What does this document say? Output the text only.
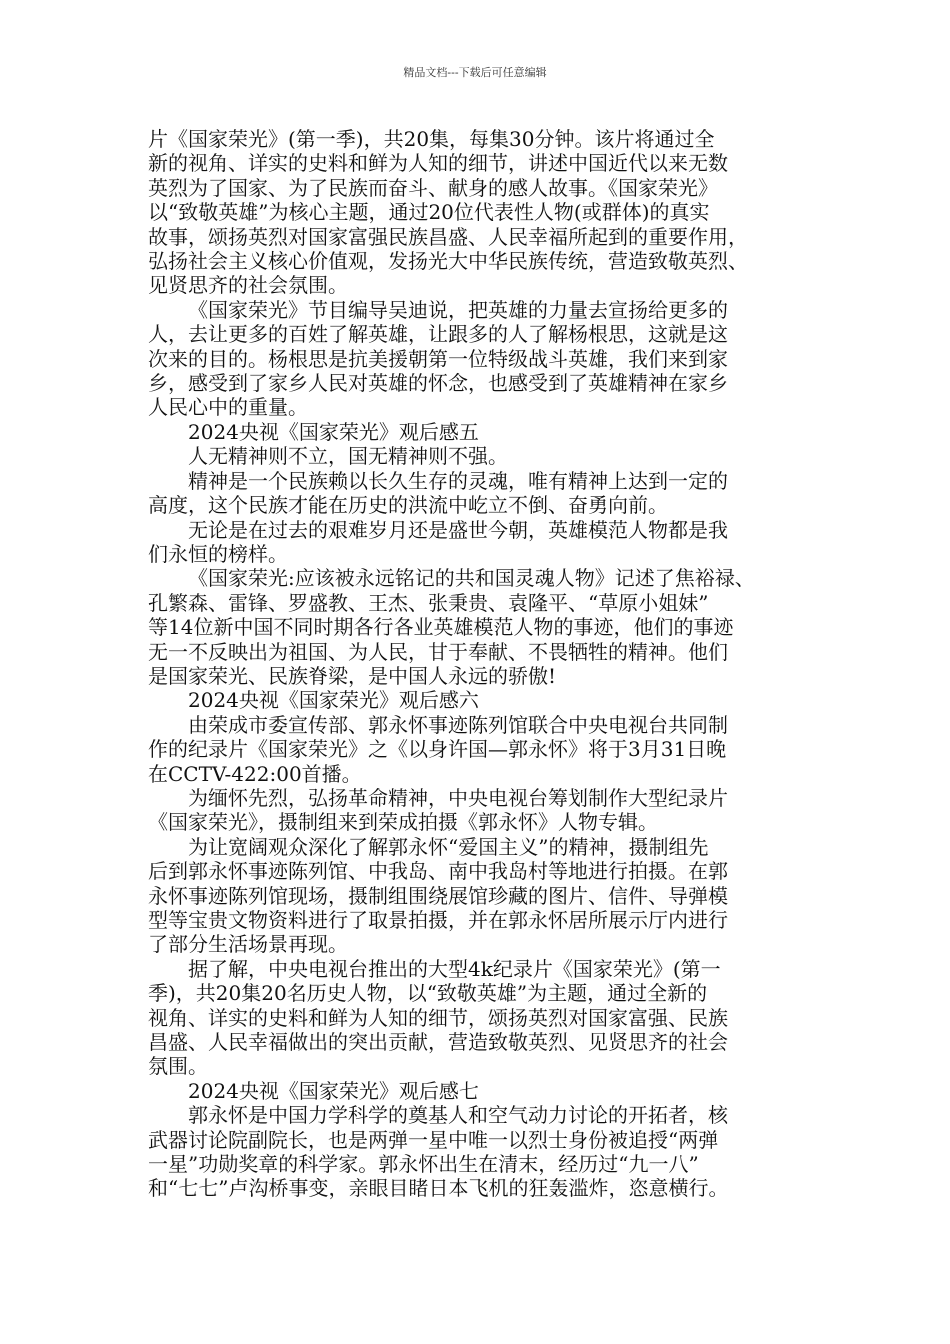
精品文档---下载后可任意编辑

片《国家荣光》(第一季)，共20集，每集30分钟。该片将通过全

新的视角、详实的史料和鲜为人知的细节，讲述中国近代以来无数

英烈为了国家、为了民族而奋斗、献身的感人故事。《国家荣光》

以“致敬英雄”为核心主题，通过20位代表性人物(或群体)的真实

故事，颂扬英烈对国家富强民族昌盛、人民幸福所起到的重要作用，

弘扬社会主义核心价值观，发扬光大中华民族传统，营造致敬英烈、

见贤思齐的社会氛围。

《国家荣光》节目编导吴迪说，把英雄的力量去宣扬给更多的

人，去让更多的百姓了解英雄，让跟多的人了解杨根思，这就是这

次来的目的。杨根思是抗美援朝第一位特级战斗英雄，我们来到家

乡，感受到了家乡人民对英雄的怀念，也感受到了英雄精神在家乡

人民心中的重量。

2024央视《国家荣光》观后感五

人无精神则不立，国无精神则不强。

精神是一个民族赖以长久生存的灵魂，唯有精神上达到一定的

高度，这个民族才能在历史的洪流中屹立不倒、奋勇向前。

无论是在过去的艰难岁月还是盛世今朝，英雄模范人物都是我

们永恒的榜样。

《国家荣光:应该被永远铭记的共和国灵魂人物》记述了焦裕禄、

孔繁森、雷锋、罗盛教、王杰、张秉贵、袁隆平、“草原小姐妹”

等14位新中国不同时期各行各业英雄模范人物的事迹，他们的事迹

无一不反映出为祖国、为人民，甘于奉献、不畏牺牲的精神。他们

是国家荣光、民族脊梁，是中国人永远的骄傲!

2024央视《国家荣光》观后感六

由荣成市委宣传部、郭永怀事迹陈列馆联合中央电视台共同制

作的纪录片《国家荣光》之《以身许国—郭永怀》将于3月31日晚

在CCTV-422:00首播。

为缅怀先烈，弘扬革命精神，中央电视台筹划制作大型纪录片

《国家荣光》，摄制组来到荣成拍摄《郭永怀》人物专辑。

为让宽阔观众深化了解郭永怀“爱国主义”的精神，摄制组先

后到郭永怀事迹陈列馆、中我岛、南中我岛村等地进行拍摄。在郭

永怀事迹陈列馆现场，摄制组围绕展馆珍藏的图片、信件、导弹模

型等宝贵文物资料进行了取景拍摄，并在郭永怀居所展示厅内进行

了部分生活场景再现。

据了解，中央电视台推出的大型4k纪录片《国家荣光》(第一

季)，共20集20名历史人物，以“致敬英雄”为主题，通过全新的

视角、详实的史料和鲜为人知的细节，颂扬英烈对国家富强、民族

昌盛、人民幸福做出的突出贡献，营造致敬英烈、见贤思齐的社会

氛围。

2024央视《国家荣光》观后感七

郭永怀是中国力学科学的奠基人和空气动力讨论的开拓者，核

武器讨论院副院长，也是两弹一星中唯一以烈士身份被追授“两弹

一星”功勋奖章的科学家。郭永怀出生在清末，经历过“九一八”

和“七七”卢沟桥事变，亲眼目睹日本飞机的狂轰滥炸，恣意横行。
